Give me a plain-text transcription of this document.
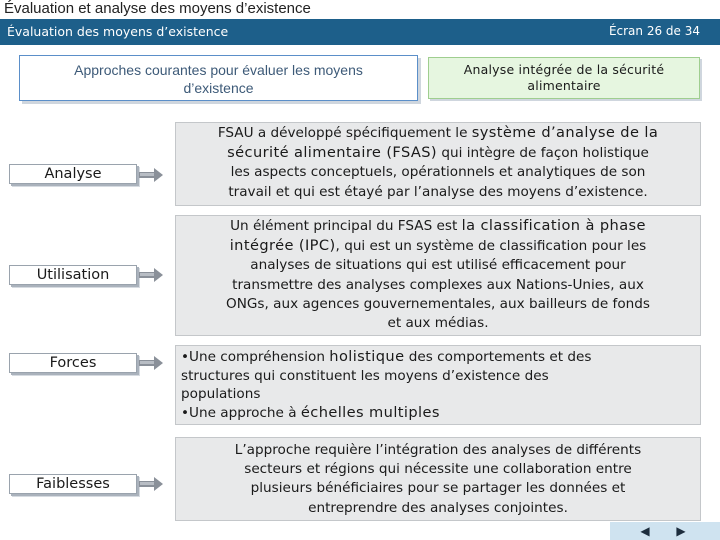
Évaluation et analyse des moyens d’existence
Évaluation des moyens d’existence	Écran 26 de 34
Approches courantes pour évaluer les moyens
d’existence
Analyse intégrée de la sécurité
alimentaire
Analyse
FSAU a développé spécifiquement le système d’analyse de la
sécurité alimentaire (FSAS) qui intègre de façon holistique
les aspects conceptuels, opérationnels et analytiques de son
travail et qui est étayé par l’analyse des moyens d’existence.
Utilisation
Un élément principal du FSAS est la classification à phase
intégrée (IPC), qui est un système de classification pour les
analyses de situations qui est utilisé efficacement pour
transmettre des analyses complexes aux Nations-Unies, aux
ONGs, aux agences gouvernementales, aux bailleurs de fonds
et aux médias.
Forces	•Une compréhension holistique des comportements et des
structures qui constituent les moyens d’existence des
populations
•Une approche à échelles multiples
Faiblesses
L’approche requière l’intégration des analyses de différents
secteurs et régions qui nécessite une collaboration entre
plusieurs bénéficiaires pour se partager les données et
entreprendre des analyses conjointes.
◀ ▶
